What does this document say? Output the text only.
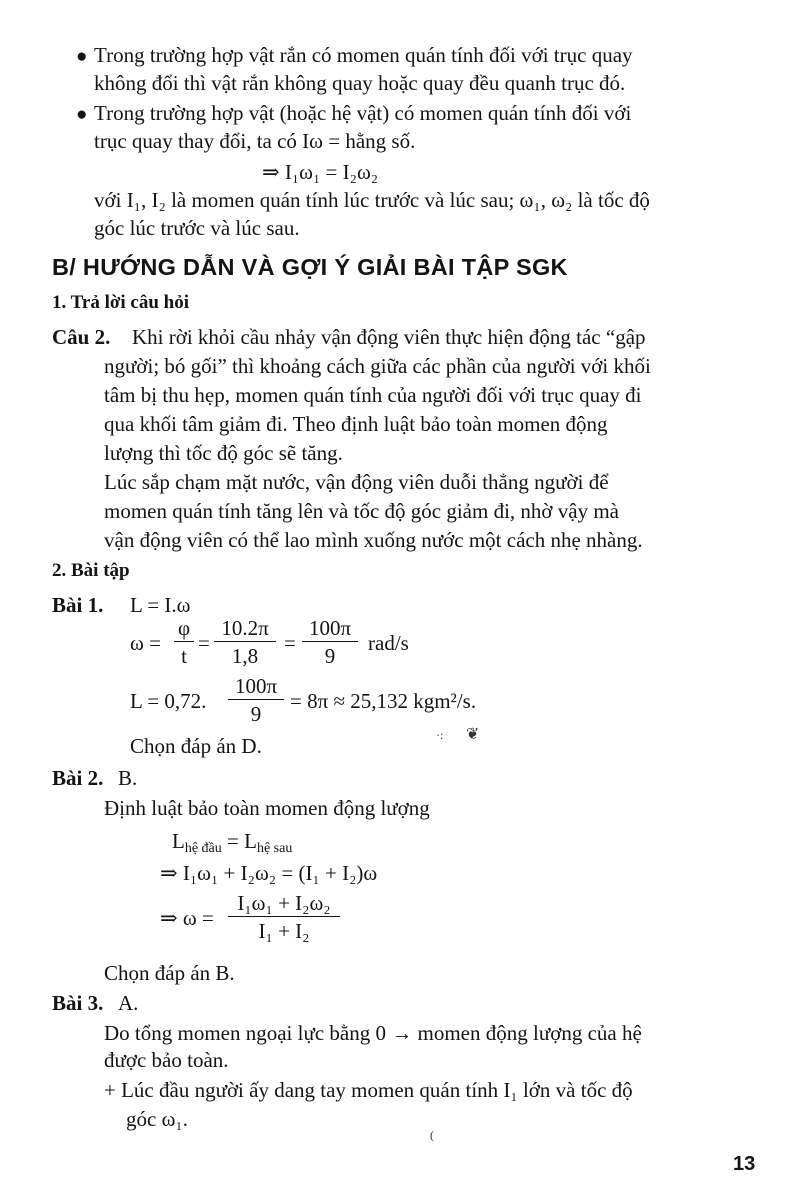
● Trong trường hợp vật rắn có momen quán tính đối với trục quay
không đổi thì vật rắn không quay hoặc quay đều quanh trục đó.
● Trong trường hợp vật (hoặc hệ vật) có momen quán tính đối với
trục quay thay đổi, ta có Iω = hằng số.
⇒ I₁ω₁ = I₂ω₂
với I₁, I₂ là momen quán tính lúc trước và lúc sau; ω₁, ω₂ là tốc độ
góc lúc trước và lúc sau.
B/ HƯỚNG DẪN VÀ GỢI Ý GIẢI BÀI TẬP SGK
1. Trả lời câu hỏi
Câu 2. Khi rời khỏi cầu nhảy vận động viên thực hiện động tác “gập
người; bó gối” thì khoảng cách giữa các phần của người với khối
tâm bị thu hẹp, momen quán tính của người đối với trục quay đi
qua khối tâm giảm đi. Theo định luật bảo toàn momen động
lượng thì tốc độ góc sẽ tăng.
Lúc sắp chạm mặt nước, vận động viên duỗi thẳng người để
momen quán tính tăng lên và tốc độ góc giảm đi, nhờ vậy mà
vận động viên có thể lao mình xuống nước một cách nhẹ nhàng.
2. Bài tập
Bài 1. L = I.ω
ω =
φ
t
=
10.2π
1,8
=
100π
9
rad/s
L = 0,72.
100π
9
= 8π ≈ 25,132 kgm²/s.
Chọn đáp án D.	·: ❦
Bài 2. B.
Định luật bảo toàn momen động lượng
$L_{hệ đầu} = L_{hệ sau}$
⇒ I₁ω₁ + I₂ω₂ = (I₁ + I₂)ω
⇒ ω =
I₁ω₁ + I₂ω₂
I₁ + I₂
Chọn đáp án B.
Bài 3. A.
Do tổng momen ngoại lực bằng 0 → momen động lượng của hệ
được bảo toàn.
+ Lúc đầu người ấy dang tay momen quán tính I₁ lớn và tốc độ
góc ω₁.
(
13
